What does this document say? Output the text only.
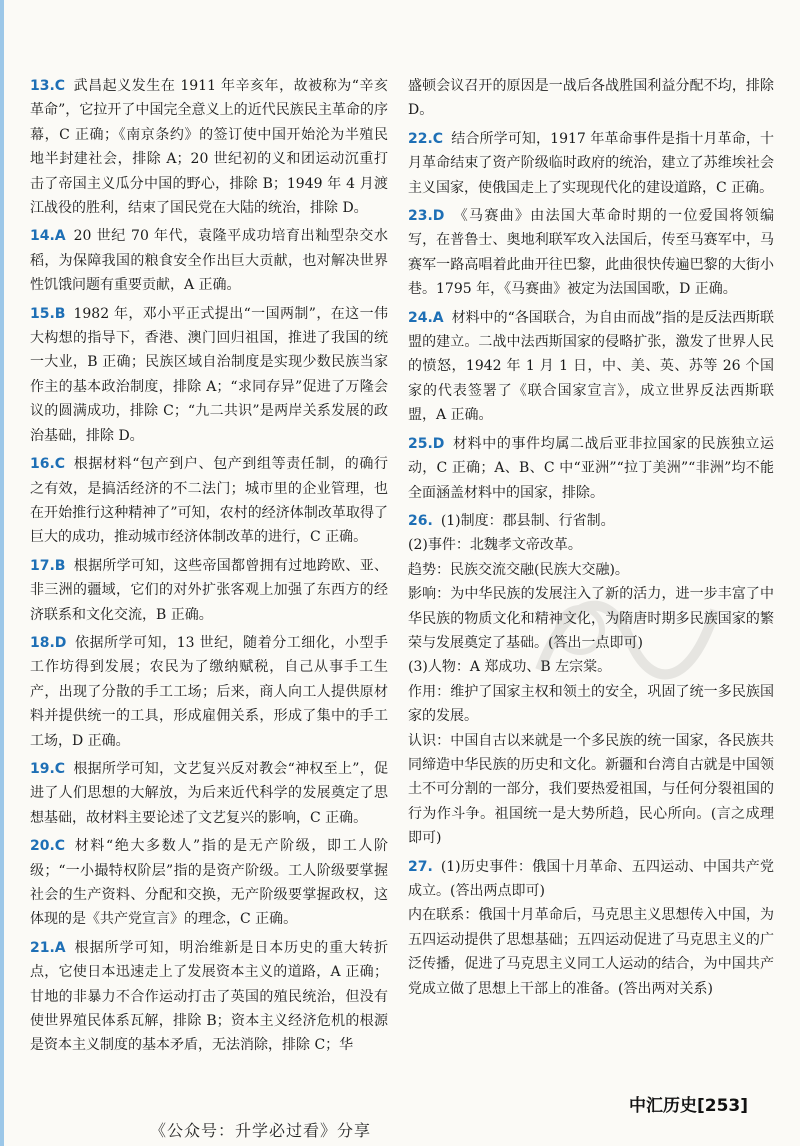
13.C 武昌起义发生在 1911 年辛亥年，故被称为“辛亥革命”，它拉开了中国完全意义上的近代民族民主革命的序幕，C 正确；《南京条约》的签订使中国开始沦为半殖民地半封建社会，排除 A；20 世纪初的义和团运动沉重打击了帝国主义瓜分中国的野心，排除 B；1949 年 4 月渡江战役的胜利，结束了国民党在大陆的统治，排除 D。
14.A 20 世纪 70 年代，袁隆平成功培育出籼型杂交水稻，为保障我国的粮食安全作出巨大贡献，也对解决世界性饥饿问题有重要贡献，A 正确。
15.B 1982 年，邓小平正式提出“一国两制”，在这一伟大构想的指导下，香港、澳门回归祖国，推进了我国的统一大业，B 正确；民族区域自治制度是实现少数民族当家作主的基本政治制度，排除 A；“求同存异”促进了万隆会议的圆满成功，排除 C；“九二共识”是两岸关系发展的政治基础，排除 D。
16.C 根据材料“包产到户、包产到组等责任制，的确行之有效，是搞活经济的不二法门；城市里的企业管理，也在开始推行这种精神了”可知，农村的经济体制改革取得了巨大的成功，推动城市经济体制改革的进行，C 正确。
17.B 根据所学可知，这些帝国都曾拥有过地跨欧、亚、非三洲的疆域，它们的对外扩张客观上加强了东西方的经济联系和文化交流，B 正确。
18.D 依据所学可知，13 世纪，随着分工细化，小型手工作坊得到发展；农民为了缴纳赋税，自己从事手工生产，出现了分散的手工工场；后来，商人向工人提供原材料并提供统一的工具，形成雇佣关系，形成了集中的手工工场，D 正确。
19.C 根据所学可知，文艺复兴反对教会“神权至上”，促进了人们思想的大解放，为后来近代科学的发展奠定了思想基础，故材料主要论述了文艺复兴的影响，C 正确。
20.C 材料“绝大多数人”指的是无产阶级，即工人阶级；“一小撮特权阶层”指的是资产阶级。工人阶级要掌握社会的生产资料、分配和交换，无产阶级要掌握政权，这体现的是《共产党宣言》的理念，C 正确。
21.A 根据所学可知，明治维新是日本历史的重大转折点，它使日本迅速走上了发展资本主义的道路，A 正确；甘地的非暴力不合作运动打击了英国的殖民统治，但没有使世界殖民体系瓦解，排除 B；资本主义经济危机的根源是资本主义制度的基本矛盾，无法消除，排除 C；华
盛顿会议召开的原因是一战后各战胜国利益分配不均，排除 D。
22.C 结合所学可知，1917 年革命事件是指十月革命，十月革命结束了资产阶级临时政府的统治，建立了苏维埃社会主义国家，使俄国走上了实现现代化的建设道路，C 正确。
23.D 《马赛曲》由法国大革命时期的一位爱国将领编写，在普鲁士、奥地利联军攻入法国后，传至马赛军中，马赛军一路高唱着此曲开往巴黎，此曲很快传遍巴黎的大街小巷。1795 年，《马赛曲》被定为法国国歌，D 正确。
24.A 材料中的“各国联合，为自由而战”指的是反法西斯联盟的建立。二战中法西斯国家的侵略扩张，激发了世界人民的愤怒，1942 年 1 月 1 日，中、美、英、苏等 26 个国家的代表签署了《联合国家宣言》，成立世界反法西斯联盟，A 正确。
25.D 材料中的事件均属二战后亚非拉国家的民族独立运动，C 正确；A、B、C 中“亚洲”“拉丁美洲”“非洲”均不能全面涵盖材料中的国家，排除。
26. (1)制度：郡县制、行省制。

(2)事件：北魏孝文帝改革。

趋势：民族交流交融(民族大交融)。

影响：为中华民族的发展注入了新的活力，进一步丰富了中华民族的物质文化和精神文化，为隋唐时期多民族国家的繁荣与发展奠定了基础。(答出一点即可)

(3)人物：A 郑成功、B 左宗棠。

作用：维护了国家主权和领土的安全，巩固了统一多民族国家的发展。

认识：中国自古以来就是一个多民族的统一国家，各民族共同缔造中华民族的历史和文化。新疆和台湾自古就是中国领土不可分割的一部分，我们要热爱祖国，与任何分裂祖国的行为作斗争。祖国统一是大势所趋，民心所向。(言之成理即可)

27. (1)历史事件：俄国十月革命、五四运动、中国共产党成立。(答出两点即可)

内在联系：俄国十月革命后，马克思主义思想传入中国，为五四运动提供了思想基础；五四运动促进了马克思主义的广泛传播，促进了马克思主义同工人运动的结合，为中国共产党成立做了思想上干部上的准备。(答出两对关系)

中汇历史[253]
《公众号：升学必过看》分享
